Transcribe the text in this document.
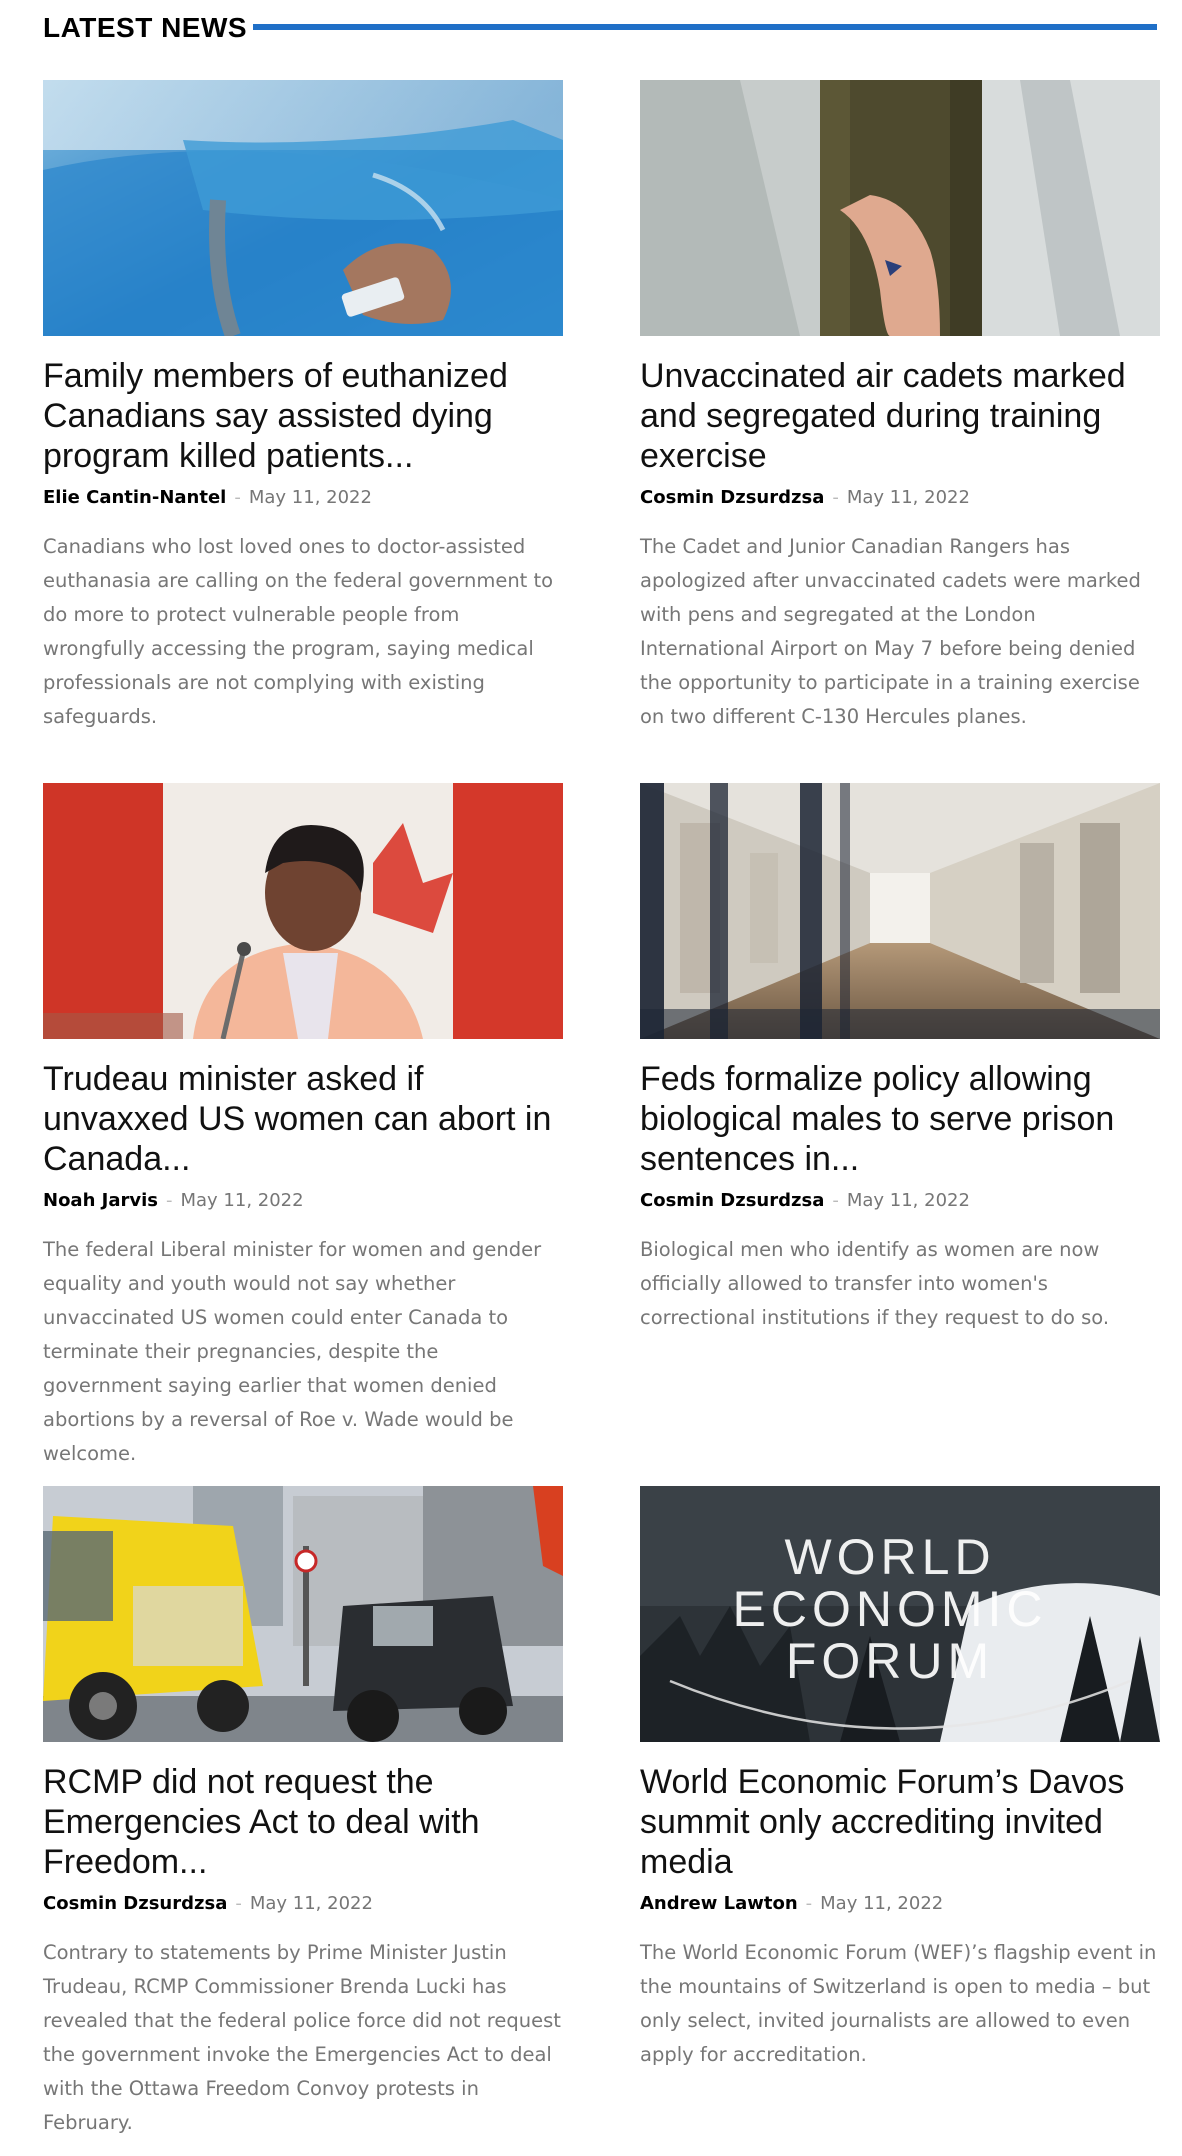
LATEST NEWS
Family members of euthanized Canadians say assisted dying program killed patients...
Elie Cantin-Nantel - May 11, 2022
Canadians who lost loved ones to doctor-assisted euthanasia are calling on the federal government to do more to protect vulnerable people from wrongfully accessing the program, saying medical professionals are not complying with existing safeguards.
Unvaccinated air cadets marked and segregated during training exercise
Cosmin Dzsurdzsa - May 11, 2022
The Cadet and Junior Canadian Rangers has apologized after unvaccinated cadets were marked with pens and segregated at the London International Airport on May 7 before being denied the opportunity to participate in a training exercise on two different C-130 Hercules planes.
Trudeau minister asked if unvaxxed US women can abort in Canada...
Noah Jarvis - May 11, 2022
The federal Liberal minister for women and gender equality and youth would not say whether unvaccinated US women could enter Canada to terminate their pregnancies, despite the government saying earlier that women denied abortions by a reversal of Roe v. Wade would be welcome.
Feds formalize policy allowing biological males to serve prison sentences in...
Cosmin Dzsurdzsa - May 11, 2022
Biological men who identify as women are now officially allowed to transfer into women's correctional institutions if they request to do so.
RCMP did not request the Emergencies Act to deal with Freedom...
Cosmin Dzsurdzsa - May 11, 2022
Contrary to statements by Prime Minister Justin Trudeau, RCMP Commissioner Brenda Lucki has revealed that the federal police force did not request the government invoke the Emergencies Act to deal with the Ottawa Freedom Convoy protests in February.
WORLD
ECONOMIC
FORUM
World Economic Forum’s Davos summit only accrediting invited media
Andrew Lawton - May 11, 2022
The World Economic Forum (WEF)’s flagship event in the mountains of Switzerland is open to media – but only select, invited journalists are allowed to even apply for accreditation.
